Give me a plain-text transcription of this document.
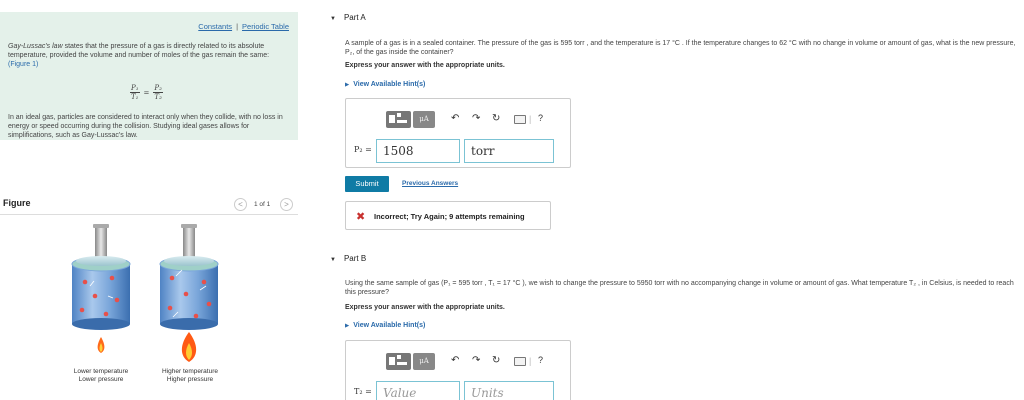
Constants | Periodic Table
Gay-Lussac's law states that the pressure of a gas is directly related to its absolute temperature, provided the volume and number of moles of the gas remain the same: (Figure 1)
$\frac{\text{P₁}}{\text{T₁}} = \frac{\text{P₂}}{\text{T₂}}$
In an ideal gas, particles are considered to interact only when they collide, with no loss in energy or speed occurring during the collision. Studying ideal gases allows for simplifications, such as Gay-Lussac's law.
Figure	<	1 of 1	>
Lower temperature
Lower pressure
Higher temperature
Higher pressure
▼ Part A
A sample of a gas is in a sealed container. The pressure of the gas is 595 torr , and the temperature is 17 °C . If the temperature changes to 62 °C with no change in volume or amount of gas, what is the new pressure, P₂, of the gas inside the container?
Express your answer with the appropriate units.
▶ View Available Hint(s)
μA	↶ ↷ ↻	| ?
P₂ = 1508	torr
Submit	Previous Answers
✖ Incorrect; Try Again; 9 attempts remaining
▼ Part B
Using the same sample of gas (P₁ = 595 torr , T₁ = 17 °C ), we wish to change the pressure to 5950 torr with no accompanying change in volume or amount of gas. What temperature T₂ , in Celsius, is needed to reach this pressure?
Express your answer with the appropriate units.
▶ View Available Hint(s)
μA	↶ ↷ ↻	| ?
T₂ = Value	Units
